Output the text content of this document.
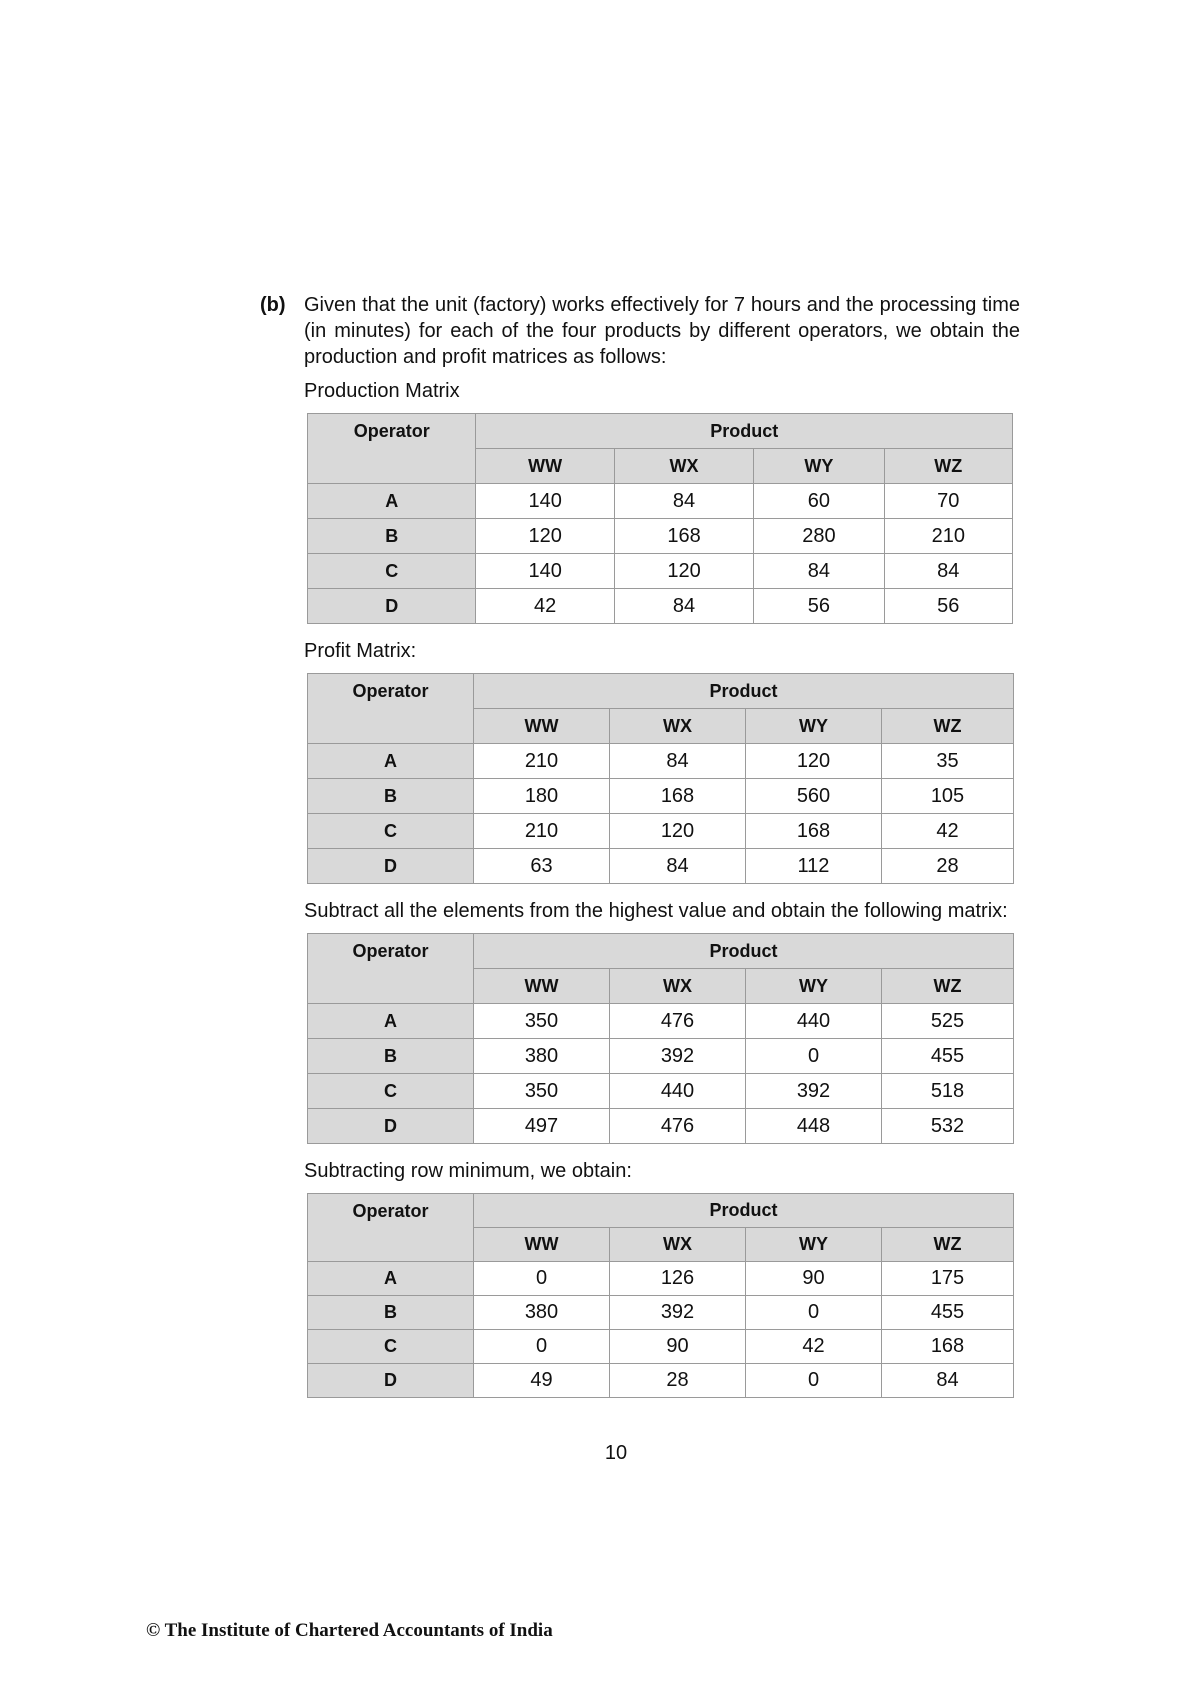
(b) Given that the unit (factory) works effectively for 7 hours and the processing time (in minutes) for each of the four products by different operators, we obtain the production and profit matrices as follows:
Production Matrix
Operator	Product			
	WW	WX	WY	WZ
A	140	84	60	70
B	120	168	280	210
C	140	120	84	84
D	42	84	56	56
Profit Matrix:
Operator	Product			
	WW	WX	WY	WZ
A	210	84	120	35
B	180	168	560	105
C	210	120	168	42
D	63	84	112	28
Subtract all the elements from the highest value and obtain the following matrix:
Operator	Product			
	WW	WX	WY	WZ
A	350	476	440	525
B	380	392	0	455
C	350	440	392	518
D	497	476	448	532
Subtracting row minimum, we obtain:
Operator	Product			
	WW	WX	WY	WZ
A	0	126	90	175
B	380	392	0	455
C	0	90	42	168
D	49	28	0	84
10
© The Institute of Chartered Accountants of India
